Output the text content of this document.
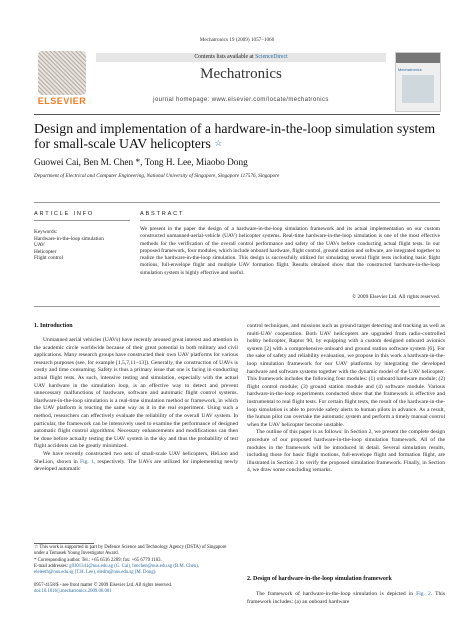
Mechatronics 19 (2009) 1057–1066
ELSEVIER
Contents lists available at ScienceDirect
Mechatronics
journal homepage: www.elsevier.com/locate/mechatronics
Mechatronics
Design and implementation of a hardware-in-the-loop simulation system for small-scale UAV helicopters ☆
Guowei Cai, Ben M. Chen *, Tong H. Lee, Miaobo Dong
Department of Electrical and Computer Engineering, National University of Singapore, Singapore 117576, Singapore
ARTICLE INFO	ABSTRACT
Keywords:
Hardware-in-the-loop simulation
UAV
Helicopter
Flight control
We present in the paper the design of a hardware-in-the-loop simulation framework and its actual implementation on our custom constructed unmanned-aerial-vehicle (UAV) helicopter systems. Real-time hardware-in-the-loop simulation is one of the most effective methods for the verification of the overall control performance and safety of the UAVs before conducting actual flight tests. In our proposed framework, four modules, which include onboard hardware, flight control, ground station and software, are integrated together to realize the hardware-in-the-loop simulation. This design is successfully utilized for simulating several flight tests including basic flight motions, full-envelope flight and multiple UAV formation flight. Results obtained show that the constructed hardware-in-the-loop simulation system is highly effective and useful.
© 2009 Elsevier Ltd. All rights reserved.
1. Introduction

Unmanned aerial vehicles (UAVs) have recently aroused great interest and attention in the academic circle worldwide because of their great potential in both military and civil applications. Many research groups have constructed their own UAV platforms for various research purposes (see, for example [1,5,7,11–13]). Generally, the construction of UAVs is costly and time consuming. Safety is thus a primary issue that one is facing in conducting actual flight tests. As such, intensive testing and simulation, especially with the actual UAV hardware in the simulation loop, is an effective way to detect and prevent unnecessary malfunctions of hardware, software and automatic flight control systems. Hardware-in-the-loop simulation is a real-time simulation method or framework, in which the UAV platform is reacting the same way as it in the real experiment. Using such a method, researchers can effectively evaluate the reliability of the overall UAV system. In particular, the framework can be intensively used to examine the performance of designed automatic flight control algorithms. Necessary enhancements and modifications can then be done before actually testing the UAV system in the sky and thus the probability of test flight accidents can be greatly minimized.

We have recently constructed two sets of small-scale UAV helicopters, HeLion and SheLion, shown in Fig. 1, respectively. The UAVs are utilized for implementing newly developed automatic

control techniques, and missions such as ground target detecting and tracking as well as multi-UAV cooperation. Both UAV helicopters are upgraded from radio-controlled hobby helicopter, Raptor 90, by equipping with a custom designed onboard avionics system [2] with a comprehensive onboard and ground station software system [6]. For the sake of safety and reliability evaluation, we propose in this work a hardware-in-the-loop simulation framework for our UAV platforms by integrating the developed hardware and software systems together with the dynamic model of the UAV helicopter. This framework includes the following four modules: (1) onboard hardware module; (2) flight control module; (3) ground station module and (4) software module. Various hardware-in-the-loop experiments conducted show that the framework is effective and instrumental to real flight tests. For certain flight tests, the result of the hardware-in-the-loop simulation is able to provide safety alerts to human pilots in advance. As a result, the human pilot can overtake the automatic system and perform a timely manual control when the UAV helicopter become unstable.

The outline of this paper is as follows: In Section 2, we present the complete design procedure of our proposed hardware-in-the-loop simulation framework. All of the modules in the framework will be introduced in detail. Several simulation results, including those for basic flight motions, full-envelope flight and formation flight, are illustrated in Section 3 to verify the proposed simulation framework. Finally, in Section 4, we draw some concluding remarks.

2. Design of hardware-in-the-loop simulation framework

The framework of hardware-in-the-loop simulation is depicted in Fig. 2. This framework includes: (a) an onboard hardware

☆ This work is supported in part by Defence Science and Technology Agency (DSTA) of Singapore under a Temasek Young Investigator Award.
* Corresponding author. Tel.: +65 6516 2289; fax: +65 6779 1103.
E-mail addresses: g0301341@nus.edu.sg (G. Cai), bmchen@nus.edu.sg (B.M. Chen), eleleeth@nus.edu.sg (T.H. Lee), eledm@nus.edu.sg (M. Dong).
0957-4158/$ - see front matter © 2009 Elsevier Ltd. All rights reserved.
doi:10.1016/j.mechatronics.2009.06.001
